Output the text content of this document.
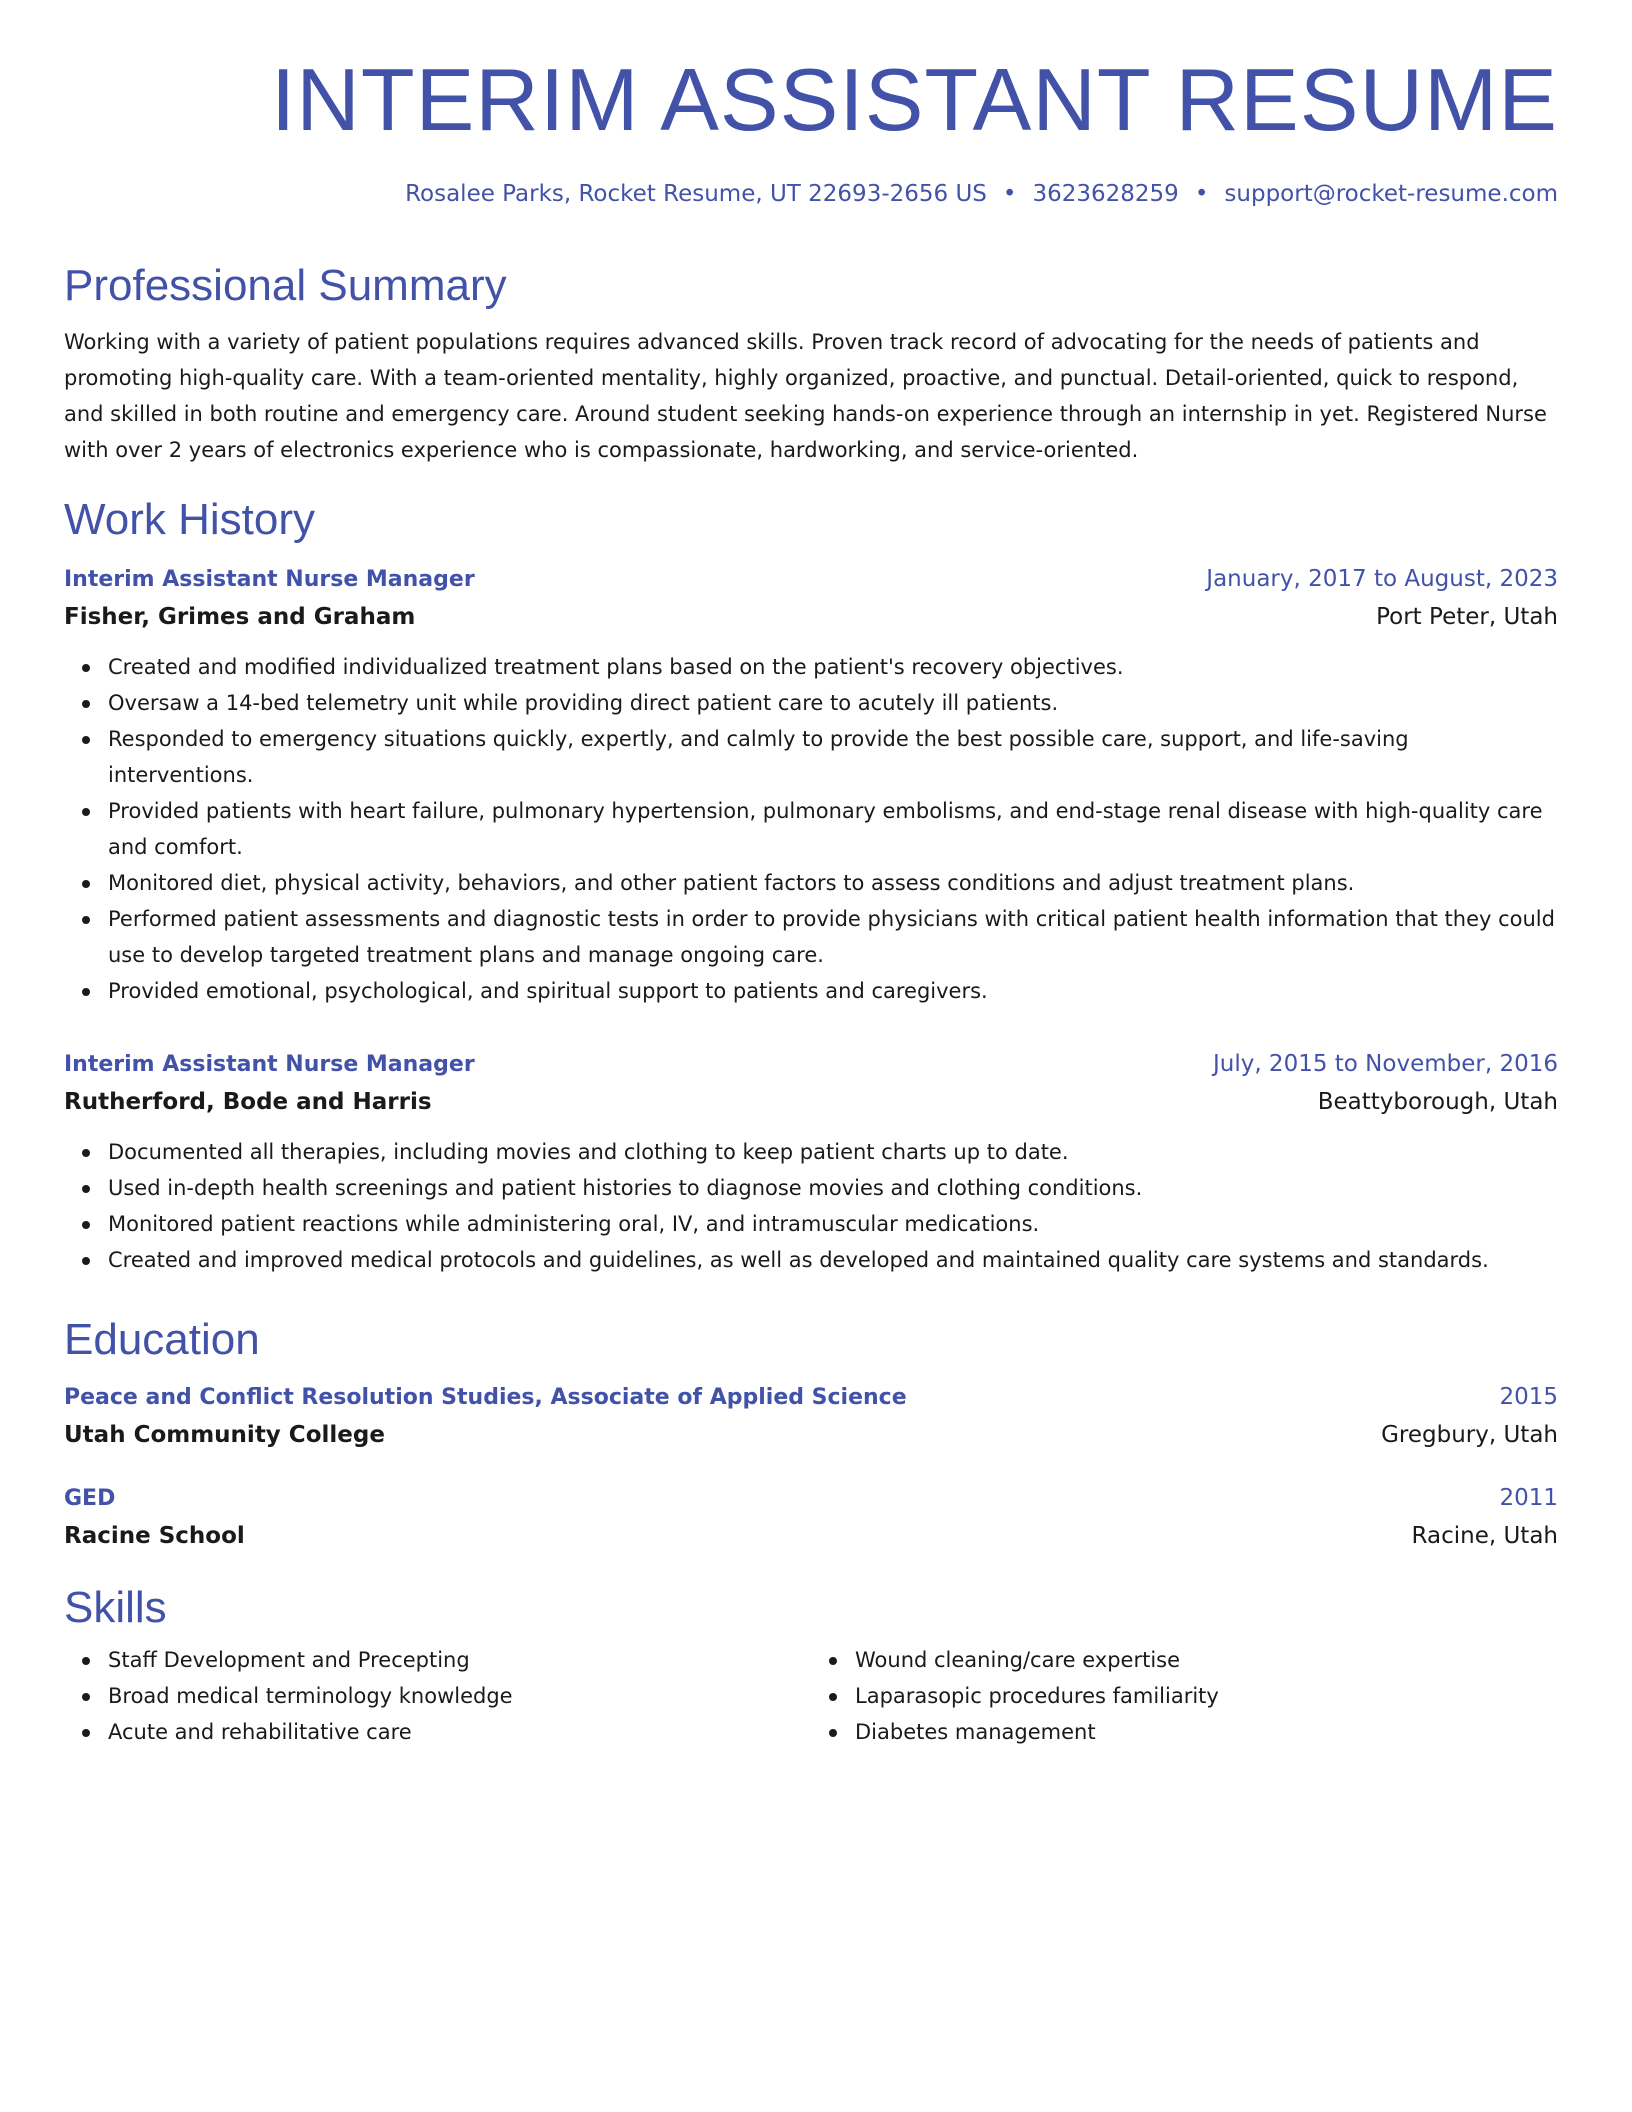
INTERIM ASSISTANT RESUME
Rosalee Parks, Rocket Resume, UT 22693-2656 US • 3623628259 • support@rocket-resume.com
Professional Summary
Working with a variety of patient populations requires advanced skills. Proven track record of advocating for the needs of patients and promoting high-quality care. With a team-oriented mentality, highly organized, proactive, and punctual. Detail-oriented, quick to respond, and skilled in both routine and emergency care. Around student seeking hands-on experience through an internship in yet. Registered Nurse with over 2 years of electronics experience who is compassionate, hardworking, and service-oriented.
Work History
Interim Assistant Nurse Manager	January, 2017 to August, 2023
Fisher, Grimes and Graham	Port Peter, Utah
Created and modified individualized treatment plans based on the patient's recovery objectives.
Oversaw a 14-bed telemetry unit while providing direct patient care to acutely ill patients.
Responded to emergency situations quickly, expertly, and calmly to provide the best possible care, support, and life-saving interventions.
Provided patients with heart failure, pulmonary hypertension, pulmonary embolisms, and end-stage renal disease with high-quality care and comfort.
Monitored diet, physical activity, behaviors, and other patient factors to assess conditions and adjust treatment plans.
Performed patient assessments and diagnostic tests in order to provide physicians with critical patient health information that they could use to develop targeted treatment plans and manage ongoing care.
Provided emotional, psychological, and spiritual support to patients and caregivers.
Interim Assistant Nurse Manager	July, 2015 to November, 2016
Rutherford, Bode and Harris	Beattyborough, Utah
Documented all therapies, including movies and clothing to keep patient charts up to date.
Used in-depth health screenings and patient histories to diagnose movies and clothing conditions.
Monitored patient reactions while administering oral, IV, and intramuscular medications.
Created and improved medical protocols and guidelines, as well as developed and maintained quality care systems and standards.
Education
Peace and Conflict Resolution Studies, Associate of Applied Science	2015
Utah Community College	Gregbury, Utah
GED	2011
Racine School	Racine, Utah
Skills
Staff Development and Precepting
Broad medical terminology knowledge
Acute and rehabilitative care
Wound cleaning/care expertise
Laparasopic procedures familiarity
Diabetes management
